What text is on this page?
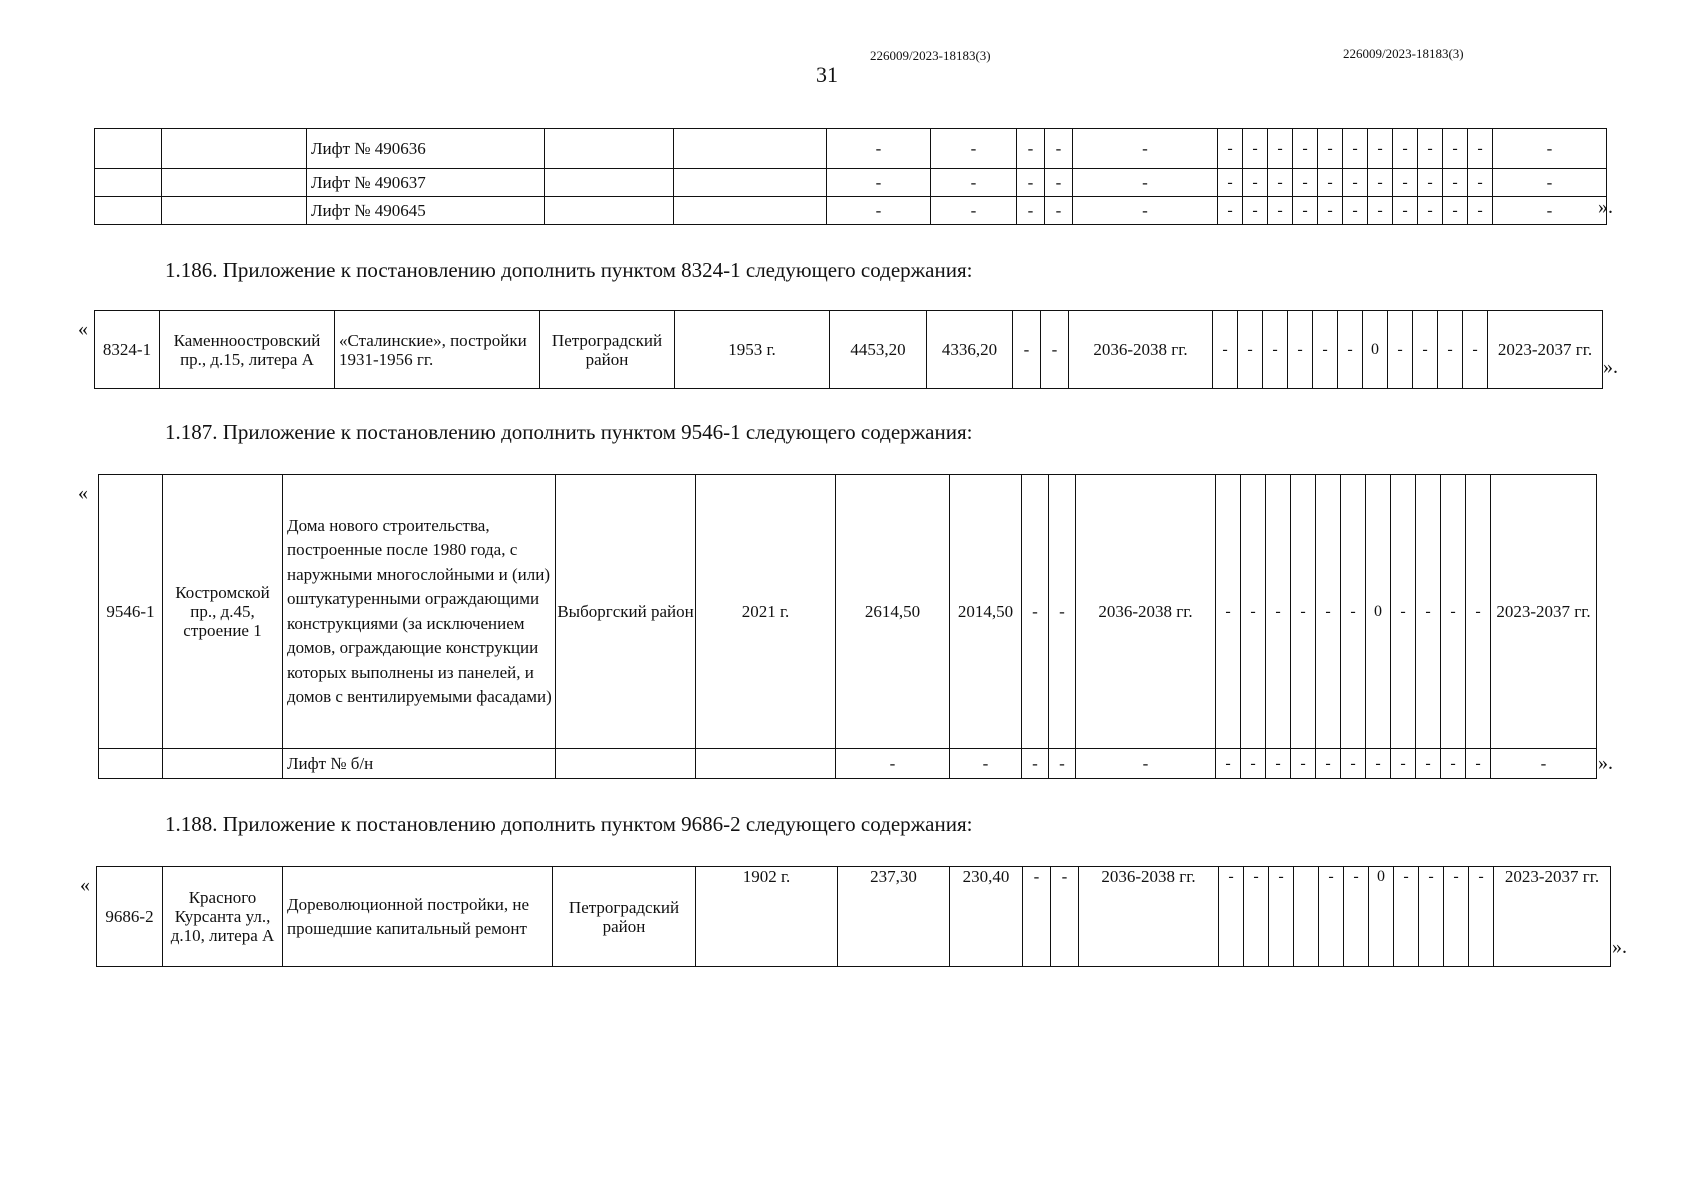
226009/2023-18183(3)	226009/2023-18183(3)
31
		Лифт № 490636			-	-	-	-	-	-	-	-	-	-	-	-	-	-	-	-	-
		Лифт № 490637			-	-	-	-	-	-	-	-	-	-	-	-	-	-	-	-	-
		Лифт № 490645			-	-	-	-	-	-	-	-	-	-	-	-	-	-	-	-	- ».
1.186. Приложение к постановлению дополнить пунктом 8324-1 следующего содержания:
«
8324-1	Каменноостровский пр., д.15, литера А	«Сталинские», постройки 1931-1956 гг.	Петроградский район	1953 г.	4453,20	4336,20	-	-	2036-2038 гг.	-	-	-	-	-	-	0	-	-	-	-	2023-2037 гг.
».
1.187. Приложение к постановлению дополнить пунктом 9546-1 следующего содержания:
«
9546-1	Костромской пр., д.45, строение 1	Дома нового строительства, построенные после 1980 года, с наружными многослойными и (или) оштукатуренными ограждающими конструкциями (за исключением домов, ограждающие конструкции которых выполнены из панелей, и домов с вентилируемыми фасадами)	Выборгский район	2021 г.	2614,50	2014,50	-	-	2036-2038 гг.	-	-	-	-	-	-	0	-	-	-	-	2023-2037 гг.
		Лифт № б/н			-	-	-	-	-	-	-	-	-	-	-	-	-	-	-	-	-	».
1.188. Приложение к постановлению дополнить пунктом 9686-2 следующего содержания:
«
9686-2	Красного Курсанта ул., д.10, литера А	Дореволюционной постройки, не прошедшие капитальный ремонт	Петроградский район	1902 г.	237,30	230,40	-	-	2036-2038 гг.	-	-	-		-	-	0	-	-	-	-	2023-2037 гг.
».
